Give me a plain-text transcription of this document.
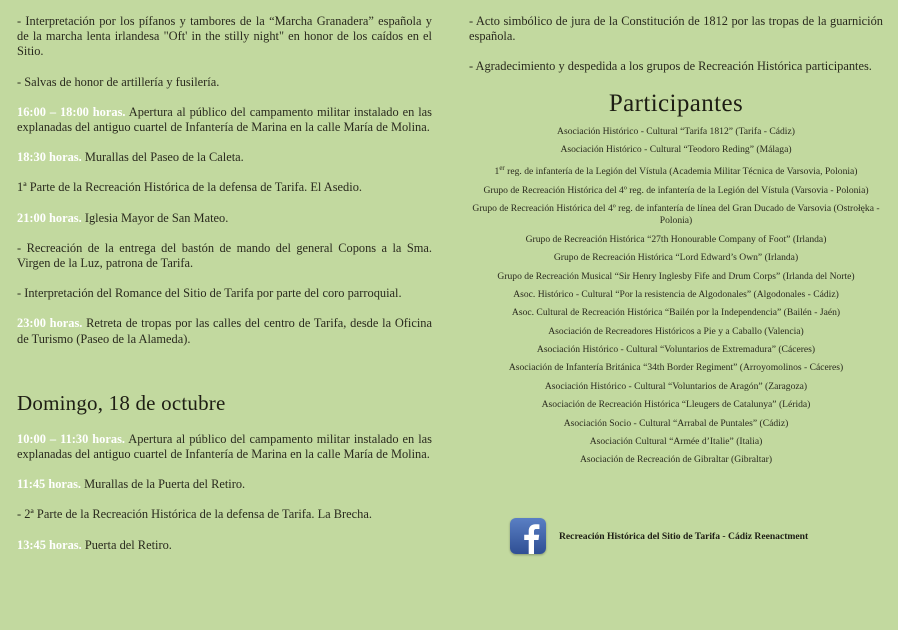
- Interpretación por los pífanos y tambores de la “Marcha Granadera” española y de la marcha lenta irlandesa "Oft' in the stilly night" en honor de los caídos en el Sitio.

- Salvas de honor de artillería y fusilería.

16:00 – 18:00 horas. Apertura al público del campamento militar instalado en las explanadas del antiguo cuartel de Infantería de Marina en la calle María de Molina.

18:30 horas. Murallas del Paseo de la Caleta.

1ª Parte de la Recreación Histórica de la defensa de Tarifa. El Asedio.

21:00 horas. Iglesia Mayor de San Mateo.

- Recreación de la entrega del bastón de mando del general Copons a la Sma. Virgen de la Luz, patrona de Tarifa.

- Interpretación del Romance del Sitio de Tarifa por parte del coro parroquial.

23:00 horas. Retreta de tropas por las calles del centro de Tarifa, desde la Oficina de Turismo (Paseo de la Alameda).

Domingo, 18 de octubre

10:00 – 11:30 horas. Apertura al público del campamento militar instalado en las explanadas del antiguo cuartel de Infantería de Marina en la calle María de Molina.

11:45 horas. Murallas de la Puerta del Retiro.

- 2ª Parte de la Recreación Histórica de la defensa de Tarifa. La Brecha.

13:45 horas. Puerta del Retiro.

- Acto simbólico de jura de la Constitución de 1812 por las tropas de la guarnición española.

- Agradecimiento y despedida a los grupos de Recreación Histórica participantes.

Participantes
Asociación Histórico - Cultural “Tarifa 1812” (Tarifa - Cádiz)
Asociación Histórico - Cultural “Teodoro Reding” (Málaga)
1er reg. de infantería de la Legión del Vístula (Academia Militar Técnica de Varsovia, Polonia)
Grupo de Recreación Histórica del 4º reg. de infantería de la Legión del Vístula (Varsovia - Polonia)
Grupo de Recreación Histórica del 4º reg. de infantería de línea del Gran Ducado de Varsovia (Ostrołęka - Polonia)
Grupo de Recreación Histórica “27th Honourable Company of Foot” (Irlanda)
Grupo de Recreación Histórica “Lord Edward’s Own” (Irlanda)
Grupo de Recreación Musical “Sir Henry Inglesby Fife and Drum Corps” (Irlanda del Norte)
Asoc. Histórico - Cultural “Por la resistencia de Algodonales” (Algodonales - Cádiz)
Asoc. Cultural de Recreación Histórica “Bailén por la Independencia” (Bailén - Jaén)
Asociación de Recreadores Históricos a Pie y a Caballo (Valencia)
Asociación Histórico - Cultural “Voluntarios de Extremadura” (Cáceres)
Asociación de Infantería Británica “34th Border Regiment” (Arroyomolinos - Cáceres)
Asociación Histórico - Cultural “Voluntarios de Aragón” (Zaragoza)
Asociación de Recreación Histórica “Lleugers de Catalunya” (Lérida)
Asociación Socio - Cultural “Arrabal de Puntales” (Cádiz)
Asociación Cultural “Armée d’Italie” (Italia)
Asociación de Recreación de Gibraltar (Gibraltar)
Recreación Histórica del Sitio de Tarifa - Cádiz Reenactment
